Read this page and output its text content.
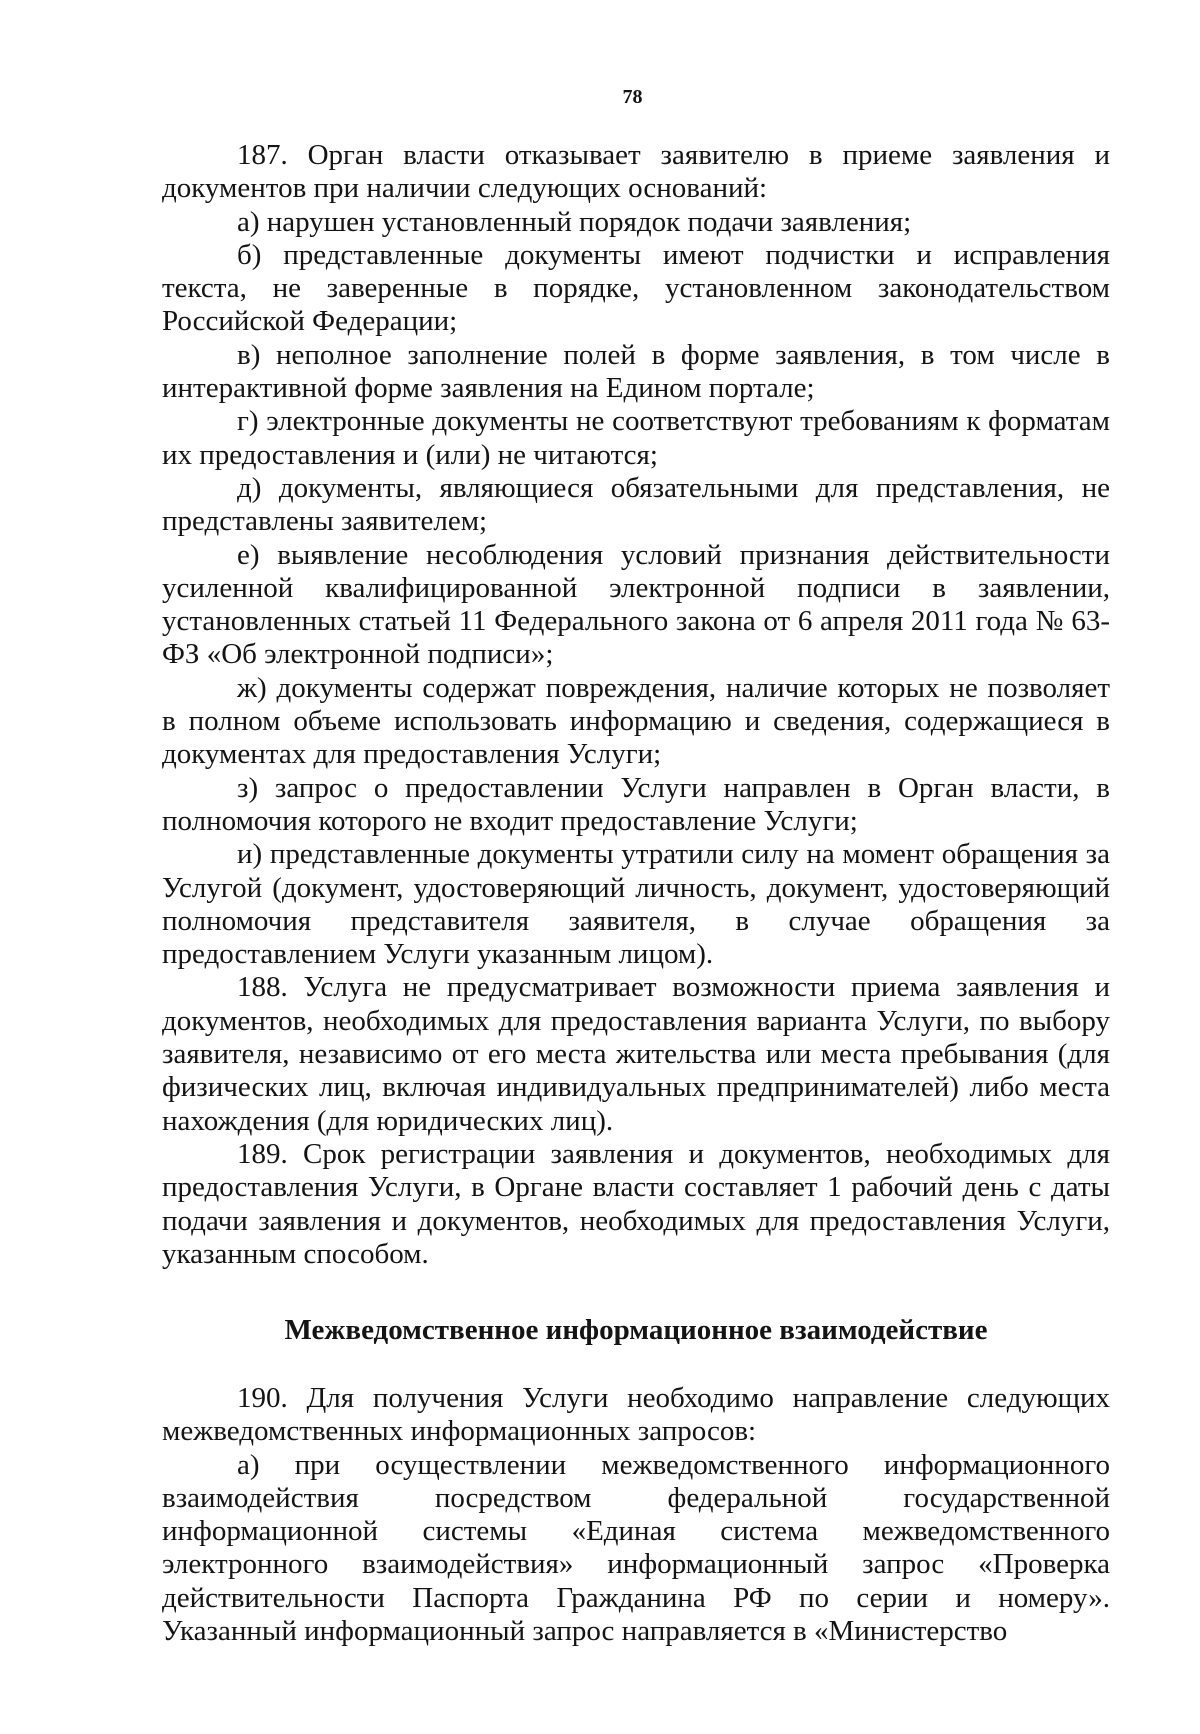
78

187. Орган власти отказывает заявителю в приеме заявления и документов при наличии следующих оснований:

а) нарушен установленный порядок подачи заявления;

б) представленные документы имеют подчистки и исправления текста, не заверенные в порядке, установленном законодательством Российской Федерации;

в) неполное заполнение полей в форме заявления, в том числе в интерактивной форме заявления на Едином портале;

г) электронные документы не соответствуют требованиям к форматам их предоставления и (или) не читаются;

д) документы, являющиеся обязательными для представления, не представлены заявителем;

е) выявление несоблюдения условий признания действительности усиленной квалифицированной электронной подписи в заявлении, установленных статьей 11 Федерального закона от 6 апреля 2011 года № 63-ФЗ «Об электронной подписи»;

ж) документы содержат повреждения, наличие которых не позволяет в полном объеме использовать информацию и сведения, содержащиеся в документах для предоставления Услуги;

з) запрос о предоставлении Услуги направлен в Орган власти, в полномочия которого не входит предоставление Услуги;

и) представленные документы утратили силу на момент обращения за Услугой (документ, удостоверяющий личность, документ, удостоверяющий полномочия представителя заявителя, в случае обращения за предоставлением Услуги указанным лицом).

188. Услуга не предусматривает возможности приема заявления и документов, необходимых для предоставления варианта Услуги, по выбору заявителя, независимо от его места жительства или места пребывания (для физических лиц, включая индивидуальных предпринимателей) либо места нахождения (для юридических лиц).

189. Срок регистрации заявления и документов, необходимых для предоставления Услуги, в Органе власти составляет 1 рабочий день с даты подачи заявления и документов, необходимых для предоставления Услуги, указанным способом.

Межведомственное информационное взаимодействие

190. Для получения Услуги необходимо направление следующих межведомственных информационных запросов:

а) при осуществлении межведомственного информационного взаимодействия посредством федеральной государственной информационной системы «Единая система межведомственного электронного взаимодействия» информационный запрос «Проверка действительности Паспорта Гражданина РФ по серии и номеру». Указанный информационный запрос направляется в «Министерство
